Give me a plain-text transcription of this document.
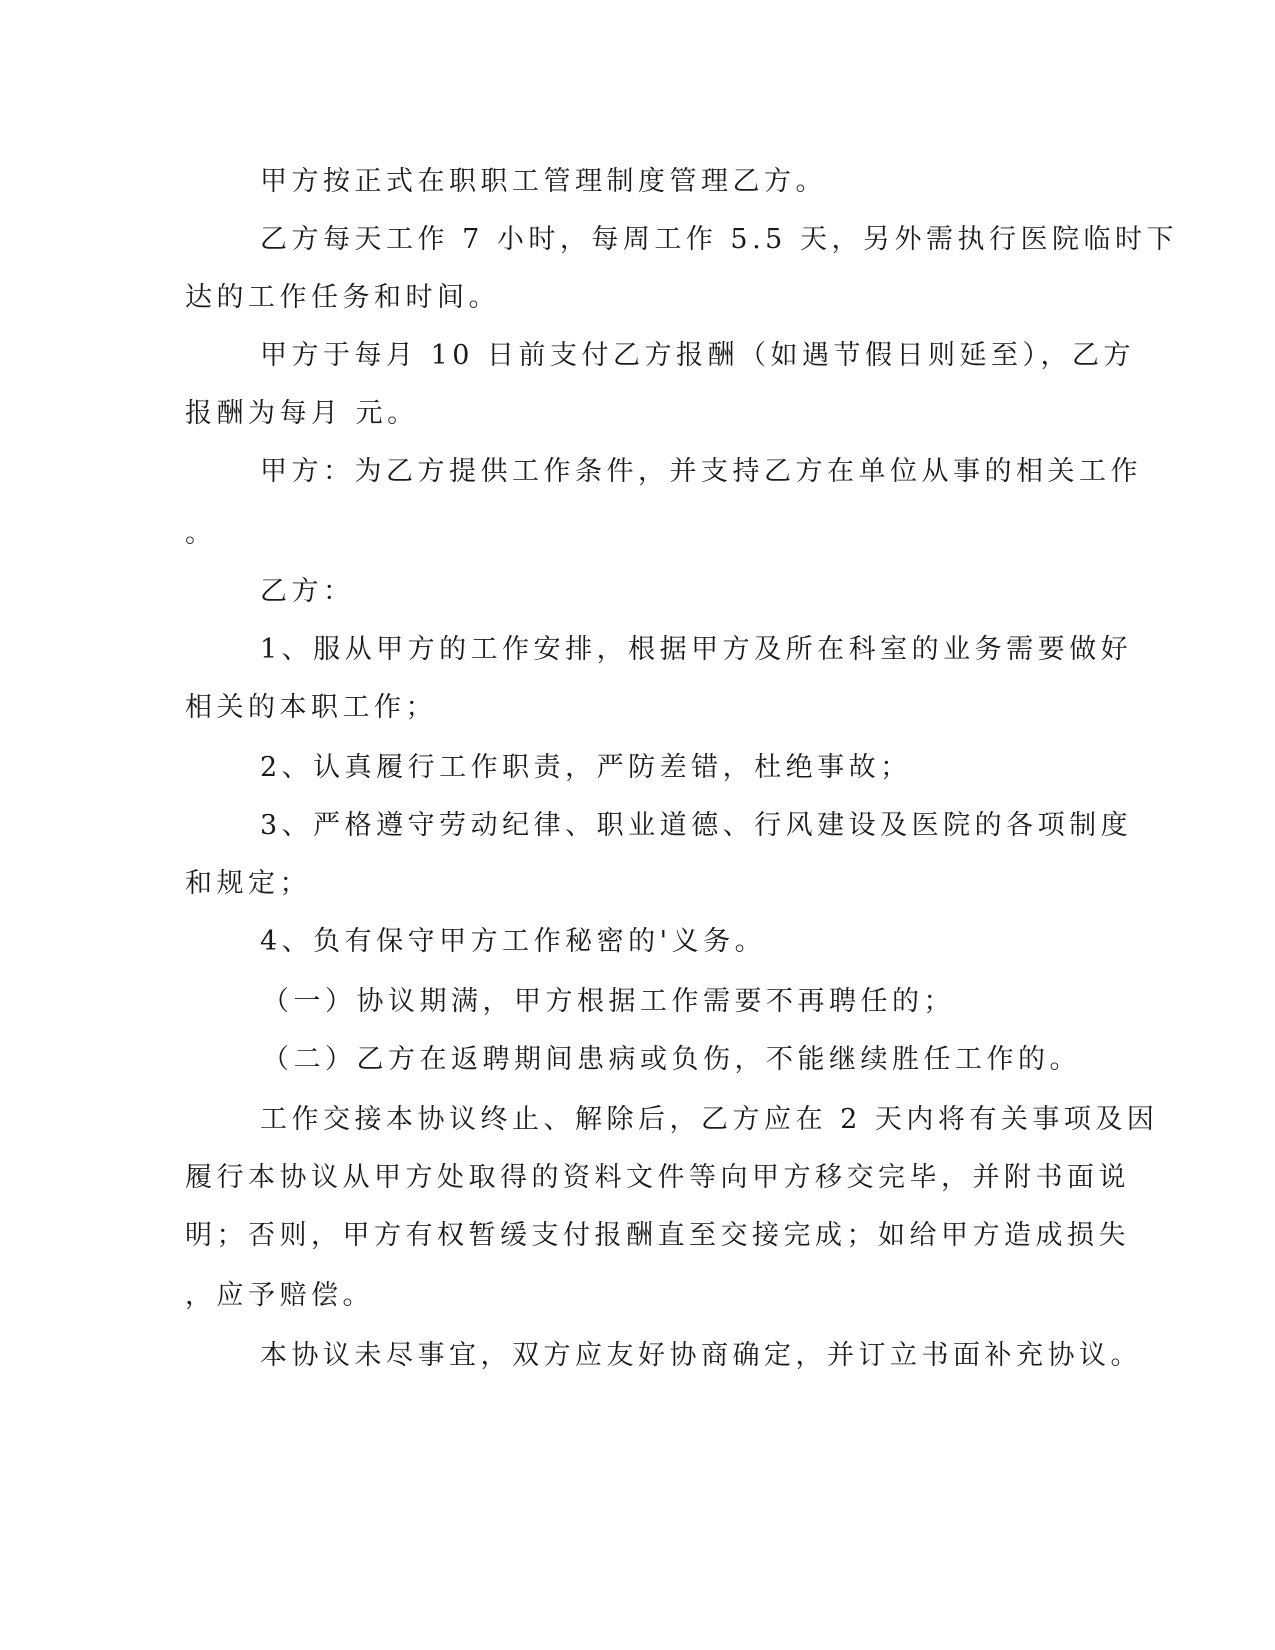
甲方按正式在职职工管理制度管理乙方。
乙方每天工作 7 小时，每周工作 5.5 天，另外需执行医院临时下
达的工作任务和时间。
甲方于每月 10 日前支付乙方报酬（如遇节假日则延至），乙方
报酬为每月 元。
甲方：为乙方提供工作条件，并支持乙方在单位从事的相关工作
。
乙方：
1、服从甲方的工作安排，根据甲方及所在科室的业务需要做好
相关的本职工作；
2、认真履行工作职责，严防差错，杜绝事故；
3、严格遵守劳动纪律、职业道德、行风建设及医院的各项制度
和规定；
4、负有保守甲方工作秘密的'义务。
（一）协议期满，甲方根据工作需要不再聘任的；
（二）乙方在返聘期间患病或负伤，不能继续胜任工作的。
工作交接本协议终止、解除后，乙方应在 2 天内将有关事项及因
履行本协议从甲方处取得的资料文件等向甲方移交完毕，并附书面说
明；否则，甲方有权暂缓支付报酬直至交接完成；如给甲方造成损失
，应予赔偿。
本协议未尽事宜，双方应友好协商确定，并订立书面补充协议。
